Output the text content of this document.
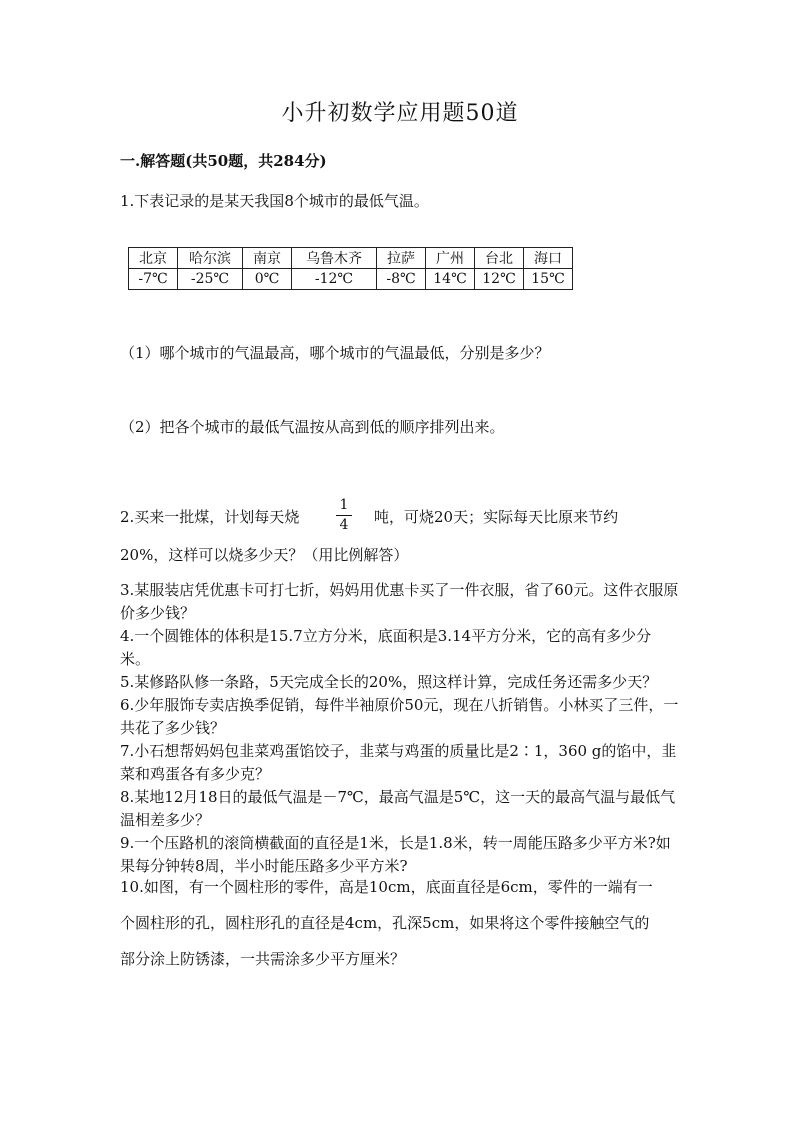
小升初数学应用题50道
一.解答题(共50题，共284分)
1.下表记录的是某天我国8个城市的最低气温。
北京	哈尔滨	南京	乌鲁木齐	拉萨	广州	台北	海口
-7℃	-25℃	0℃	-12℃	-8℃	14℃	12℃	15℃
（1）哪个城市的气温最高，哪个城市的气温最低，分别是多少？
（2）把各个城市的最低气温按从高到低的顺序排列出来。
2.买来一批煤，计划每天烧
1
4	吨，可烧20天；实际每天比原来节约
20%，这样可以烧多少天？（用比例解答）

3.某服装店凭优惠卡可打七折，妈妈用优惠卡买了一件衣服，省了60元。这件衣服原价多少钱？

4.一个圆锥体的体积是15.7立方分米，底面积是3.14平方分米，它的高有多少分米。

5.某修路队修一条路，5天完成全长的20%，照这样计算，完成任务还需多少天？

6.少年服饰专卖店换季促销，每件半袖原价50元，现在八折销售。小林买了三件，一共花了多少钱？

7.小石想帮妈妈包韭菜鸡蛋馅饺子，韭菜与鸡蛋的质量比是2∶1，360 g的馅中，韭菜和鸡蛋各有多少克？

8.某地12月18日的最低气温是－7℃，最高气温是5℃，这一天的最高气温与最低气温相差多少？

9.一个压路机的滚筒横截面的直径是1米，长是1.8米，转一周能压路多少平方米?如果每分钟转8周，半小时能压路多少平方米?

10.如图，有一个圆柱形的零件，高是10cm，底面直径是6cm，零件的一端有一
个圆柱形的孔，圆柱形孔的直径是4cm，孔深5cm，如果将这个零件接触空气的
部分涂上防锈漆，一共需涂多少平方厘米？
